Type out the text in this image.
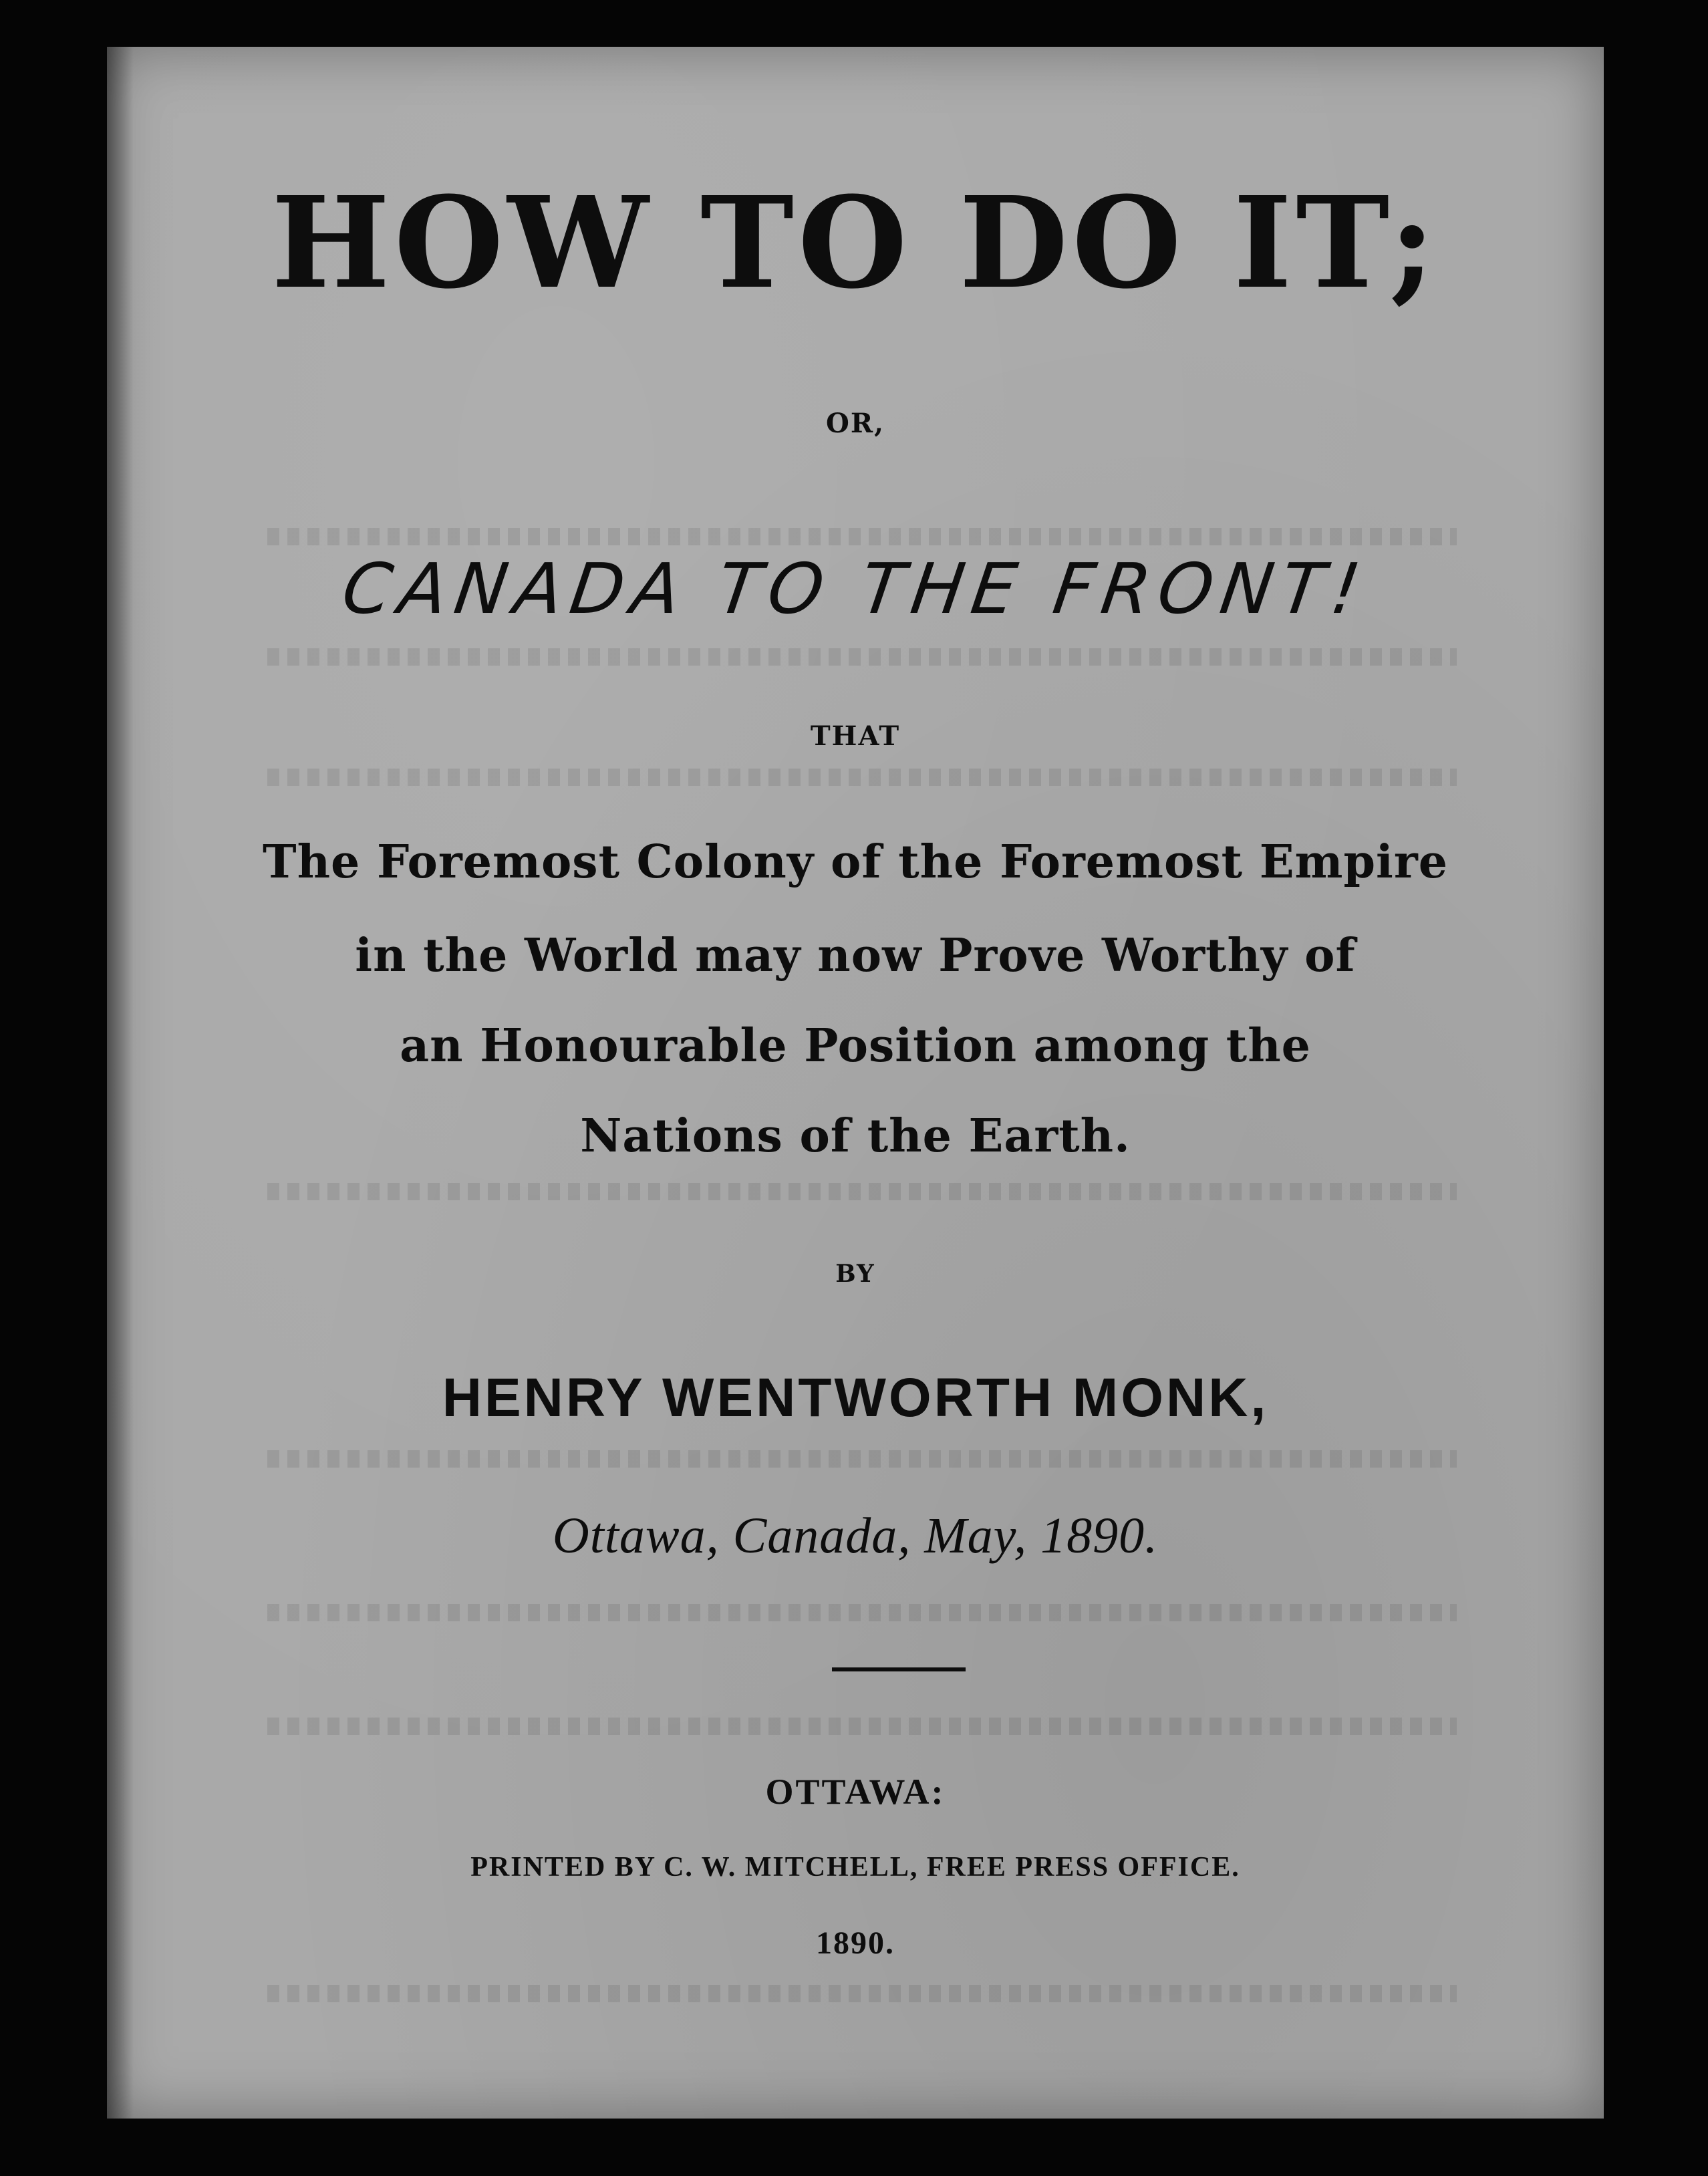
HOW TO DO IT;
OR,
CANADA TO THE FRONT!
THAT
The Foremost Colony of the Foremost Empire
in the World may now Prove Worthy of
an Honourable Position among the
Nations of the Earth.
BY
HENRY WENTWORTH MONK,
Ottawa, Canada, May, 1890.
OTTAWA:
PRINTED BY C. W. MITCHELL, FREE PRESS OFFICE.
1890.
